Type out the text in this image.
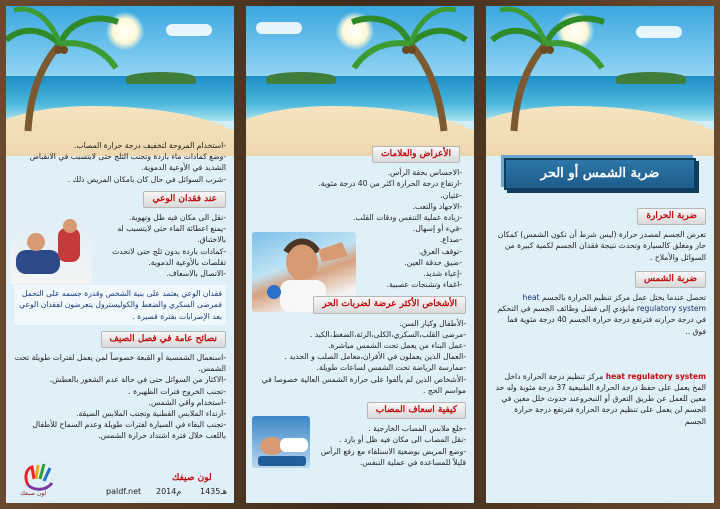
ضربة الشمس أو الحر
ضربة الحرارة

تعرض الجسم لمصدر حرارة (ليس شرط أن تكون الشمس) كمكان حار ومغلق كالسيارة وتحدث نتيجة فقدان الجسم لكمية كبيرة من السوائل والأملاح .

ضربة الشمس

تحصل عندما يختل عمل مركز تنظيم الحرارة بالجسم heat regulatory system مايؤدي إلى فشل وظائف الجسم في التحكم في درجة حرارته فترتفع درجة حرارة الجسم 40 درجة مئوية فما فوق ..

heat regulatory system مركز تنظيم درجة الحرارة داخل المخ يعمل على حفظ درجة الحرارة الطبيعية 37 درجة مئوية وله حد معين للعمل عن طريق التعرق أو التبخروعند حدوث خلل معين في الجسم لن يعمل على تنظيم درجة الحرارة فترتفع درجة حرارة الجسم

الأعراض والعلامات
-الاحساس بخفة الرأس.
-ارتفاع درجة الحرارة اكثر من 40 درجة مئوية.
-غثيان.
-الاجهاد والتعب.
-زيادة عملية التنفس ودقات القلب.
-قيء أو إسهال.
-صداع.
-توقف العرق.
-ضيق حدقة العين.
-إعياء شديد.
-اغماء وتشنجات عصبية.
الأشخاص الأكثر عرضة لضربات الحر
-الأطفال وكبار السن.
-مرضى القلب،السكري،الكلى،الرئة،الضغط،الكبد .
-عمل البناء من يعمل تحت الشمس مباشرة.
-العمال الذين يعملون في الأفران،معامل الصلب و الحديد .
-ممارسة الرياضة تحت الشمس لساعات طويلة.
-الأشخاص الذين لم يألفوا على حرارة الشمس العالية خصوصا في مواسم الحج .
كيفية اسعاف المصاب
-خلع ملابس المصاب الخارجية .
-نقل المصاب الى مكان فيه ظل أو بارد .
-وضع المريض بوضعية الاستلقاء مع رفع الرأس قليلاً للمساعدة في عملية التنفس.
-استخدام المروحة لتخفيف درجة حرارة المصاب.
-وضع كمادات ماء باردة وتجنب الثلج حتى لايتسبب في الانقباض الشديد في الأوعية الدموية.
-شرب السوائل في حال كان بامكان المريض ذلك .
عند فقدان الوعي
-نقل الى مكان فيه ظل وتهوية.
-يمنع اعطائة الماء حتى لايتسبب له بالاختناق.
-كمادات باردة بدون ثلج حتى لاتحدث تقلصات بالأوعية الدموية.
-الاتصال بالاسعاف.

فقدان الوعي يعتمد على بنية الشخص وقدرة جسمه على التحمل فمرضى السكري والضغط والكوليسترول يتعرضون لفقدان الوعي بعد الإضرابات بفترة قصيرة .

نصائح عامة في فصل الصيف
-استعمال الشمسية أو القبعة خصوصاً لمن يعمل لفترات طويلة تحت الشمس.
-الاكثار من السوائل حتى في حالة عدم الشعور بالعطش.
-تجنب الخروج فترات الظهيرة .
-استخدام واقي الشمس.
-ارتداء الملابس القطنية وتجنب الملابس الضيقة.
-تجنب البقاء في السيارة لفترات طويلة وعدم السماح للأطفال باللعب خلال فترة اشتداد حرارة الشمس.
لون صيفك
لون صيفك
paldf.net 2014م 1435هـ
